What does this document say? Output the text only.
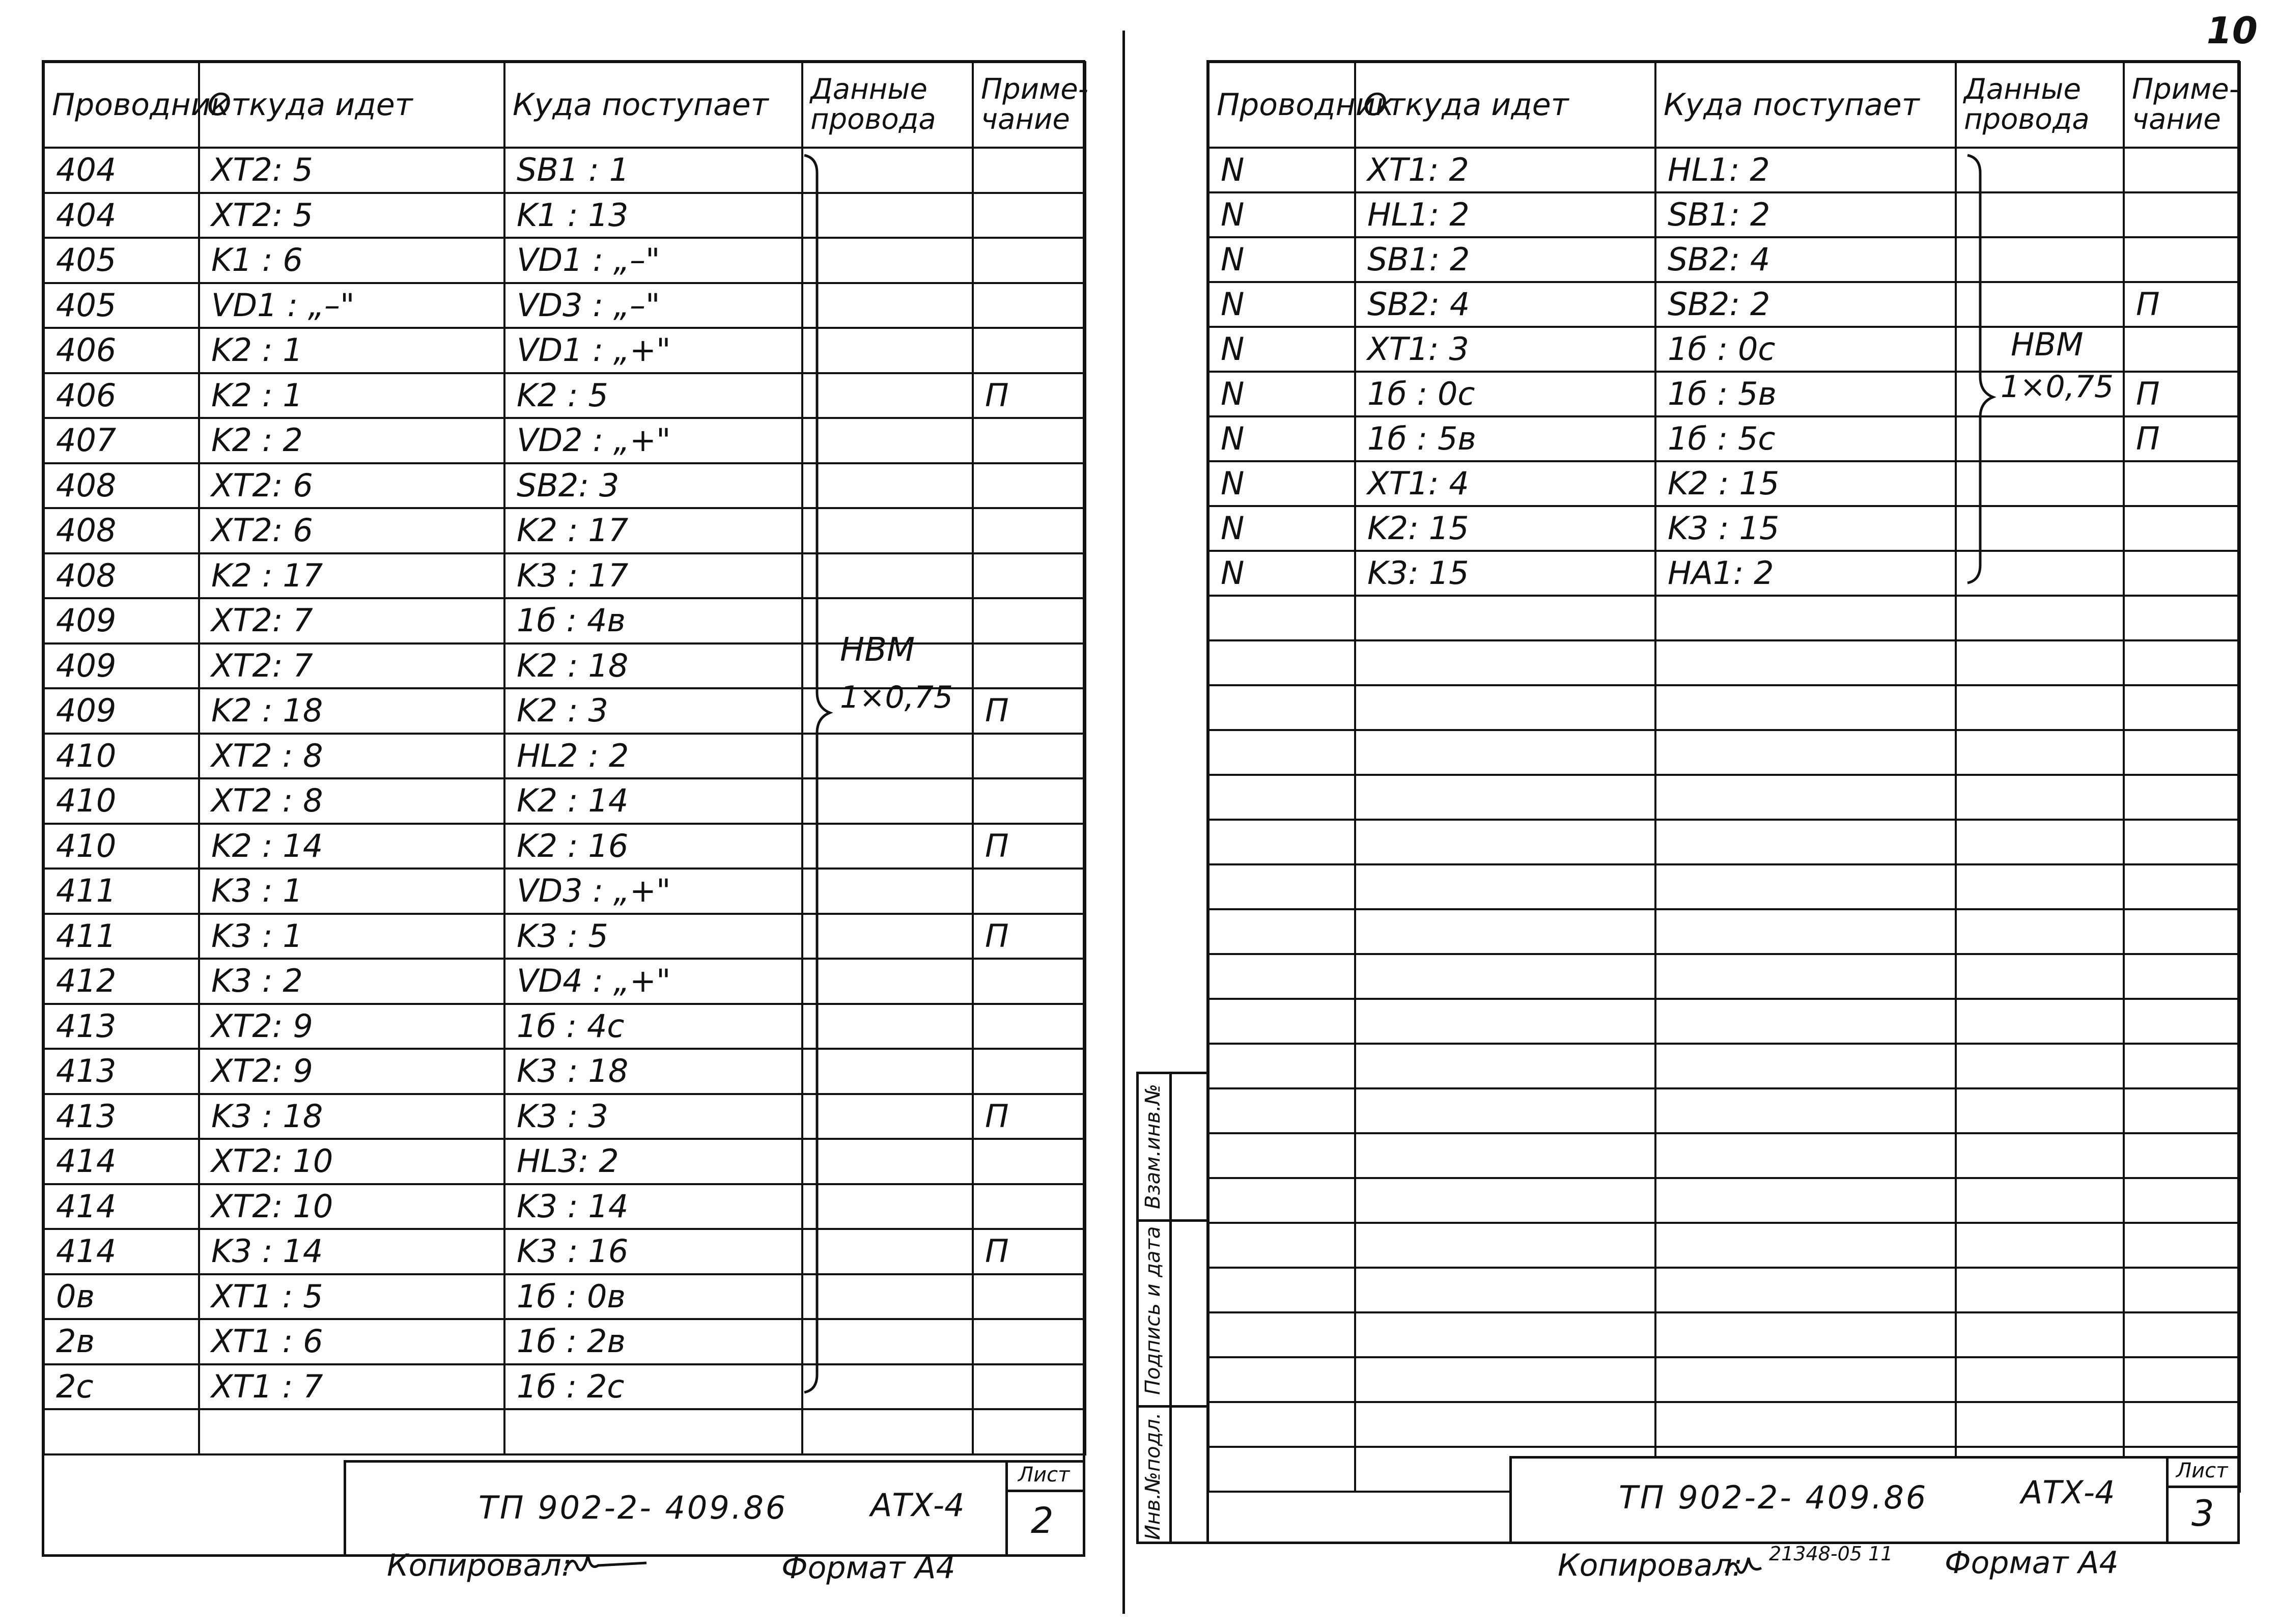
10
Проводник	Откуда идет	Куда поступает	Данные провода	Приме-чание
404	XT2: 5	SB1 : 1		
404	XT2: 5	K1 : 13		
405	K1 : 6	VD1 : „–"		
405	VD1 : „–"	VD3 : „–"		
406	K2 : 1	VD1 : „+"		
406	K2 : 1	K2 : 5		П
407	K2 : 2	VD2 : „+"		
408	XT2: 6	SB2: 3		
408	XT2: 6	K2 : 17		
408	K2 : 17	K3 : 17		
409	XT2: 7	1б : 4в		
409	XT2: 7	K2 : 18		
409	K2 : 18	K2 : 3		П
410	XT2 : 8	HL2 : 2		
410	XT2 : 8	K2 : 14		
410	K2 : 14	K2 : 16		П
411	K3 : 1	VD3 : „+"		
411	K3 : 1	K3 : 5		П
412	K3 : 2	VD4 : „+"		
413	XT2: 9	1б : 4с		
413	XT2: 9	K3 : 18		
413	K3 : 18	K3 : 3		П
414	XT2: 10	HL3: 2		
414	XT2: 10	K3 : 14		
414	K3 : 14	K3 : 16		П
0в	XT1 : 5	1б : 0в		
2в	XT1 : 6	1б : 2в		
2с	XT1 : 7	1б : 2с		

НВМ
1×0,75
ТП 902-2- 409.86	АТХ-4
Лист
2
Копировал:	Формат А4
Проводник	Откуда идет	Куда поступает	Данные провода	Приме-чание
N	XT1: 2	HL1: 2		
N	HL1: 2	SB1: 2		
N	SB1: 2	SB2: 4		
N	SB2: 4	SB2: 2		П
N	XT1: 3	1б : 0с		
N	1б : 0с	1б : 5в		П
N	1б : 5в	1б : 5с		П
N	XT1: 4	K2 : 15		
N	K2: 15	K3 : 15		
N	K3: 15	HA1: 2		

НВМ
1×0,75
Взам.инв.№
Подпись и дата
Инв.№подл.	ТП 902-2- 409.86	АТХ-4
Лист
3
Копировал: 21348-05 11 Формат А4
